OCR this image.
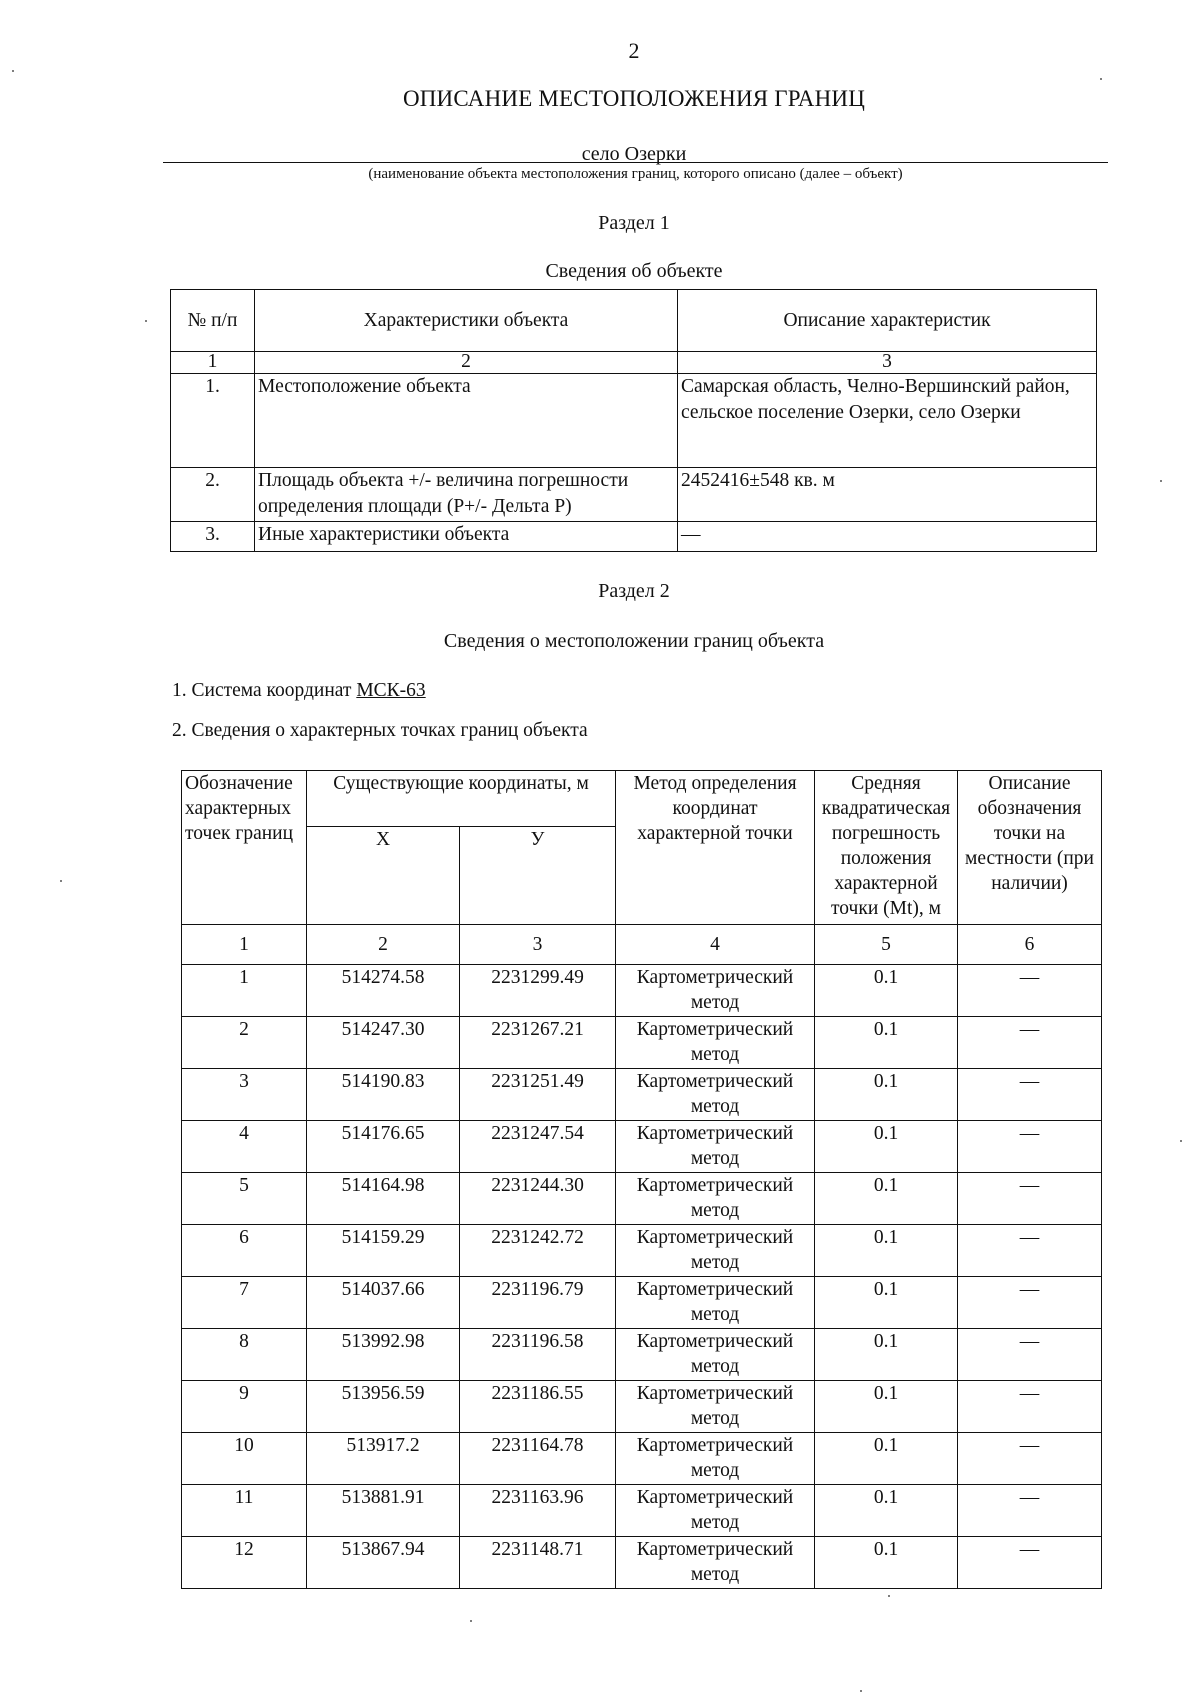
2
ОПИСАНИЕ МЕСТОПОЛОЖЕНИЯ ГРАНИЦ
село Озерки
(наименование объекта местоположения границ, которого описано (далее – объект)
Раздел 1
Сведения об объекте
№ п/п	Характеристики объекта	Описание характеристик
1	2	3
1.	Местоположение объекта	Самарская область, Челно-Вершинский район, сельское поселение Озерки, село Озерки
2.	Площадь объекта +/- величина погрешности определения площади (Р+/- Дельта Р)	2452416±548 кв. м
3.	Иные характеристики объекта	—
Раздел 2
Сведения о местоположении границ объекта
1. Система координат МСК-63
2. Сведения о характерных точках границ объекта
Обозначение характерных точек границ	Существующие координаты, м		Метод определения координат характерной точки	Средняя квадратическая погрешность положения характерной точки (Mt), м	Описание обозначения точки на местности (при наличии)
	X	У			
1	2	3	4	5	6
1	514274.58	2231299.49	Картометрический метод	0.1	—
2	514247.30	2231267.21	Картометрический метод	0.1	—
3	514190.83	2231251.49	Картометрический метод	0.1	—
4	514176.65	2231247.54	Картометрический метод	0.1	—
5	514164.98	2231244.30	Картометрический метод	0.1	—
6	514159.29	2231242.72	Картометрический метод	0.1	—
7	514037.66	2231196.79	Картометрический метод	0.1	—
8	513992.98	2231196.58	Картометрический метод	0.1	—
9	513956.59	2231186.55	Картометрический метод	0.1	—
10	513917.2	2231164.78	Картометрический метод	0.1	—
11	513881.91	2231163.96	Картометрический метод	0.1	—
12	513867.94	2231148.71	Картометрический метод	0.1	—
